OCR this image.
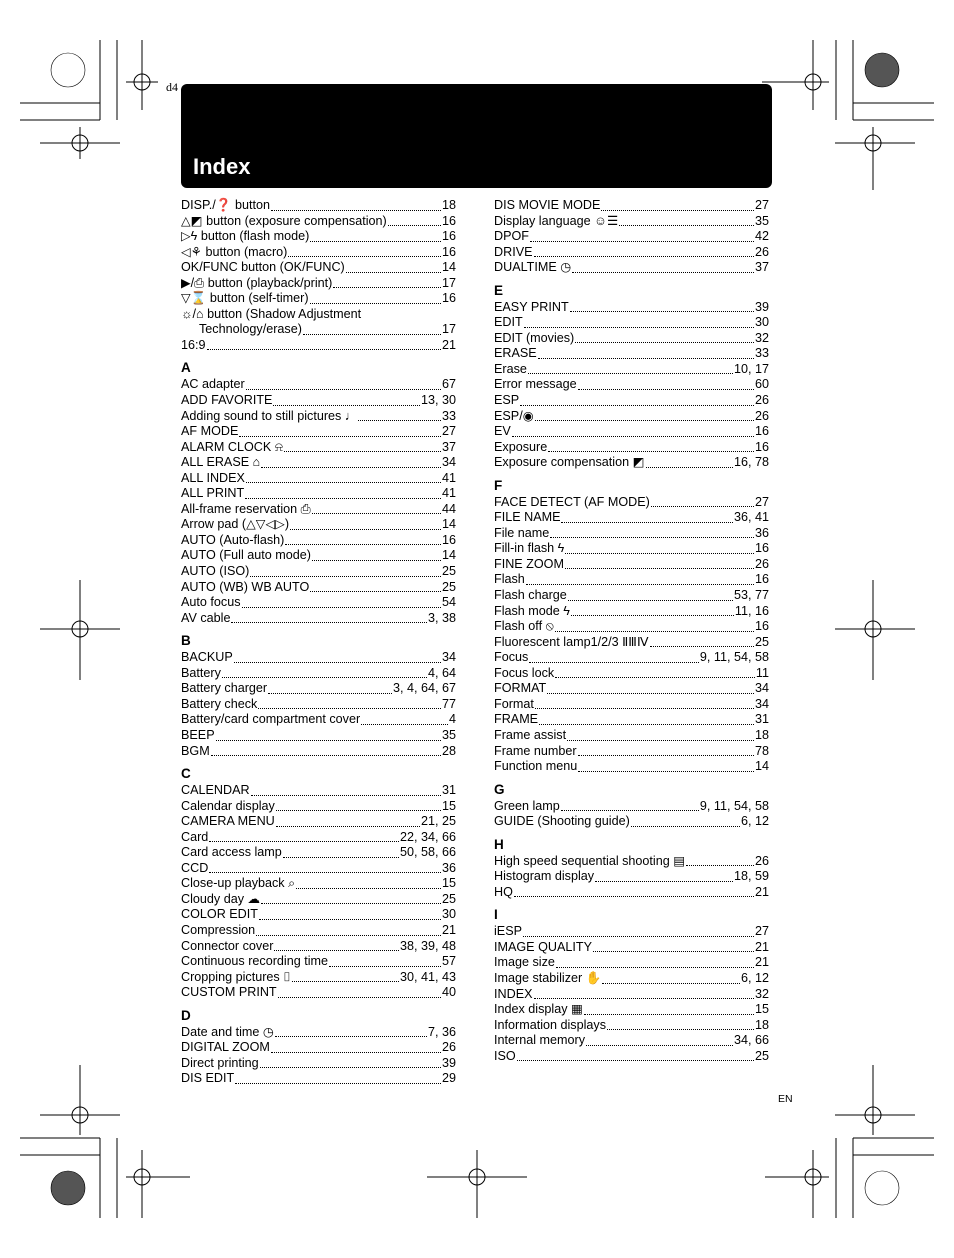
d4
Index
DISP./❓ button	18
△◩ button (exposure compensation)	16
▷ϟ button (flash mode)	16
◁⚘ button (macro)	16
OK/FUNC button (OK/FUNC)	14
▶/⎙ button (playback/print)	17
▽⌛ button (self-timer)	16
☼/⌂ button (Shadow Adjustment
Technology/erase)	17
16:9	21
A
AC adapter	67
ADD FAVORITE	13, 30
Adding sound to still pictures ♩	33
AF MODE	27
ALARM CLOCK ⍾	37
ALL ERASE ⌂	34
ALL INDEX	41
ALL PRINT	41
All-frame reservation ⎙	44
Arrow pad (△▽◁▷)	14
AUTO (Auto-flash)	16
AUTO (Full auto mode)	14
AUTO (ISO)	25
AUTO (WB) WB AUTO	25
Auto focus	54
AV cable	3, 38
B
BACKUP	34
Battery	4, 64
Battery charger	3, 4, 64, 67
Battery check	77
Battery/card compartment cover	4
BEEP	35
BGM	28
C
CALENDAR	31
Calendar display	15
CAMERA MENU	21, 25
Card	22, 34, 66
Card access lamp	50, 58, 66
CCD	36
Close-up playback ⌕	15
Cloudy day ☁	25
COLOR EDIT	30
Compression	21
Connector cover	38, 39, 48
Continuous recording time	57
Cropping pictures ⌷	30, 41, 43
CUSTOM PRINT	40
D
Date and time ◷	7, 36
DIGITAL ZOOM	26
Direct printing	39
DIS EDIT	29
DIS MOVIE MODE	27
Display language ☺☰	35
DPOF	42
DRIVE	26
DUALTIME ◷	37
E
EASY PRINT	39
EDIT	30
EDIT (movies)	32
ERASE	33
Erase	10, 17
Error message	60
ESP	26
ESP/◉	26
EV	16
Exposure	16
Exposure compensation ◩	16, 78
F
FACE DETECT (AF MODE)	27
FILE NAME	36, 41
File name	36
Fill-in flash ϟ	16
FINE ZOOM	26
Flash	16
Flash charge	53, 77
Flash mode ϟ	11, 16
Flash off ⦸	16
Fluorescent lamp1/2/3 ⅡⅢⅣ	25
Focus	9, 11, 54, 58
Focus lock	11
FORMAT	34
Format	34
FRAME	31
Frame assist	18
Frame number	78
Function menu	14
G
Green lamp	9, 11, 54, 58
GUIDE (Shooting guide)	6, 12
H
High speed sequential shooting ▤	26
Histogram display	18, 59
HQ	21
I
iESP	27
IMAGE QUALITY	21
Image size	21
Image stabilizer ✋	6, 12
INDEX	32
Index display ▦	15
Information displays	18
Internal memory	34, 66
ISO	25
EN
